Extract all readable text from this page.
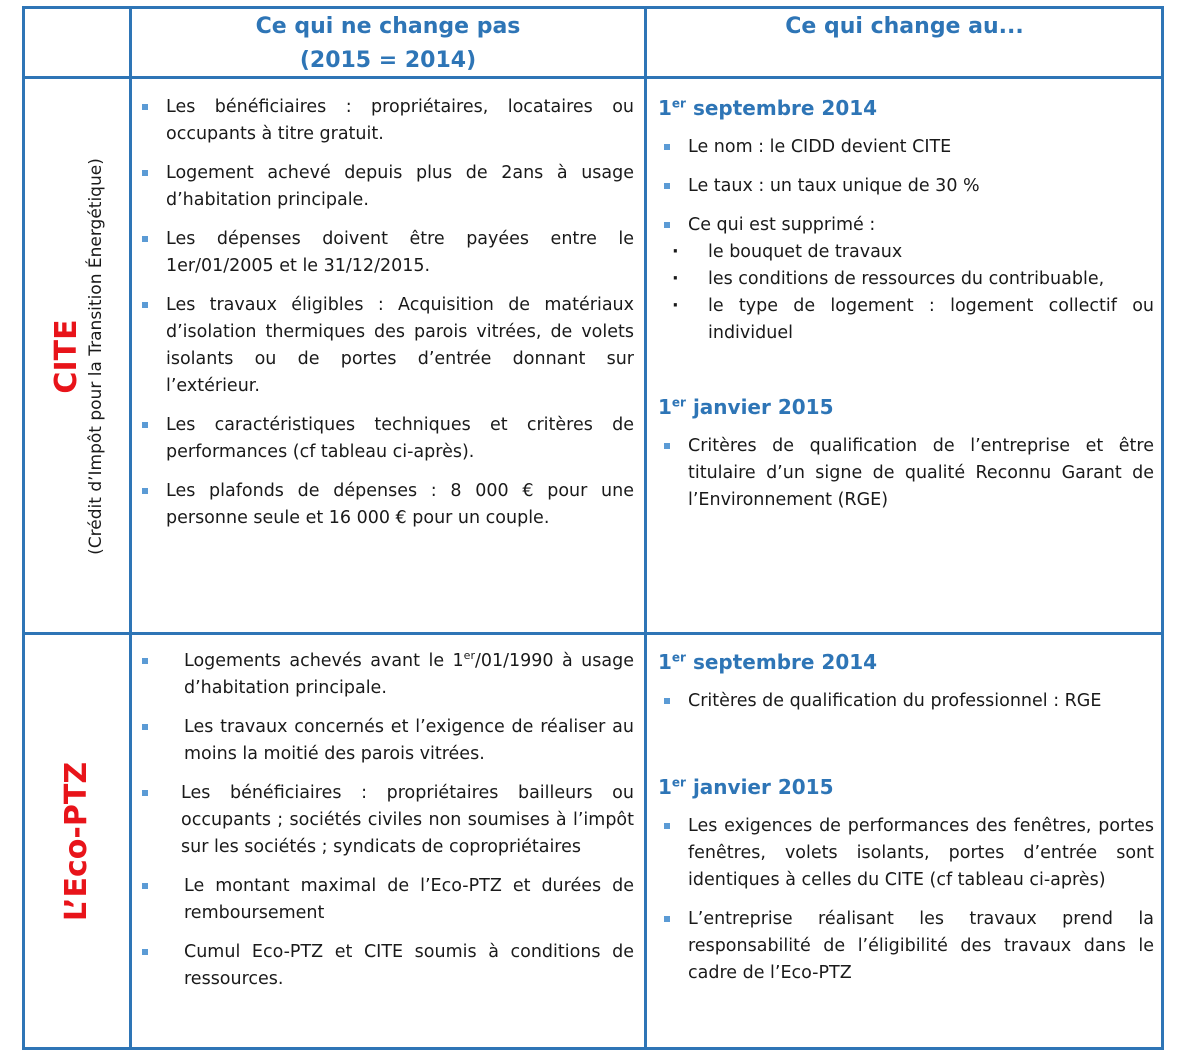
Ce qui ne change pas
(2015 = 2014)
Ce qui change au...
CITE (Crédit d’Impôt pour la Transition Énergétique)
Les bénéficiaires : propriétaires, locataires ou occupants à titre gratuit.
Logement achevé depuis plus de 2ans à usage d’habitation principale.
Les dépenses doivent être payées entre le 1er/01/2005 et le 31/12/2015.
Les travaux éligibles : Acquisition de matériaux d’isolation thermiques des parois vitrées, de volets isolants ou de portes d’entrée donnant sur l’extérieur.
Les caractéristiques techniques et critères de performances (cf tableau ci-après).
Les plafonds de dépenses : 8 000 € pour une personne seule et 16 000 € pour un couple.
1er septembre 2014
Le nom : le CIDD devient CITE
Le taux : un taux unique de 30 %
Ce qui est supprimé :
· le bouquet de travaux
· les conditions de ressources du contribuable,
· le type de logement : logement collectif ou individuel
1er janvier 2015
Critères de qualification de l’entreprise et être titulaire d’un signe de qualité Reconnu Garant de l’Environnement (RGE)
L’Eco-PTZ
Logements achevés avant le 1er/01/1990 à usage d’habitation principale.
Les travaux concernés et l’exigence de réaliser au moins la moitié des parois vitrées.
Les bénéficiaires : propriétaires bailleurs ou occupants ; sociétés civiles non soumises à l’impôt sur les sociétés ; syndicats de copropriétaires
Le montant maximal de l’Eco-PTZ et durées de remboursement
Cumul Eco-PTZ et CITE soumis à conditions de ressources.
1er septembre 2014
Critères de qualification du professionnel : RGE
1er janvier 2015
Les exigences de performances des fenêtres, portes fenêtres, volets isolants, portes d’entrée sont identiques à celles du CITE (cf tableau ci-après)
L’entreprise réalisant les travaux prend la responsabilité de l’éligibilité des travaux dans le cadre de l’Eco-PTZ
